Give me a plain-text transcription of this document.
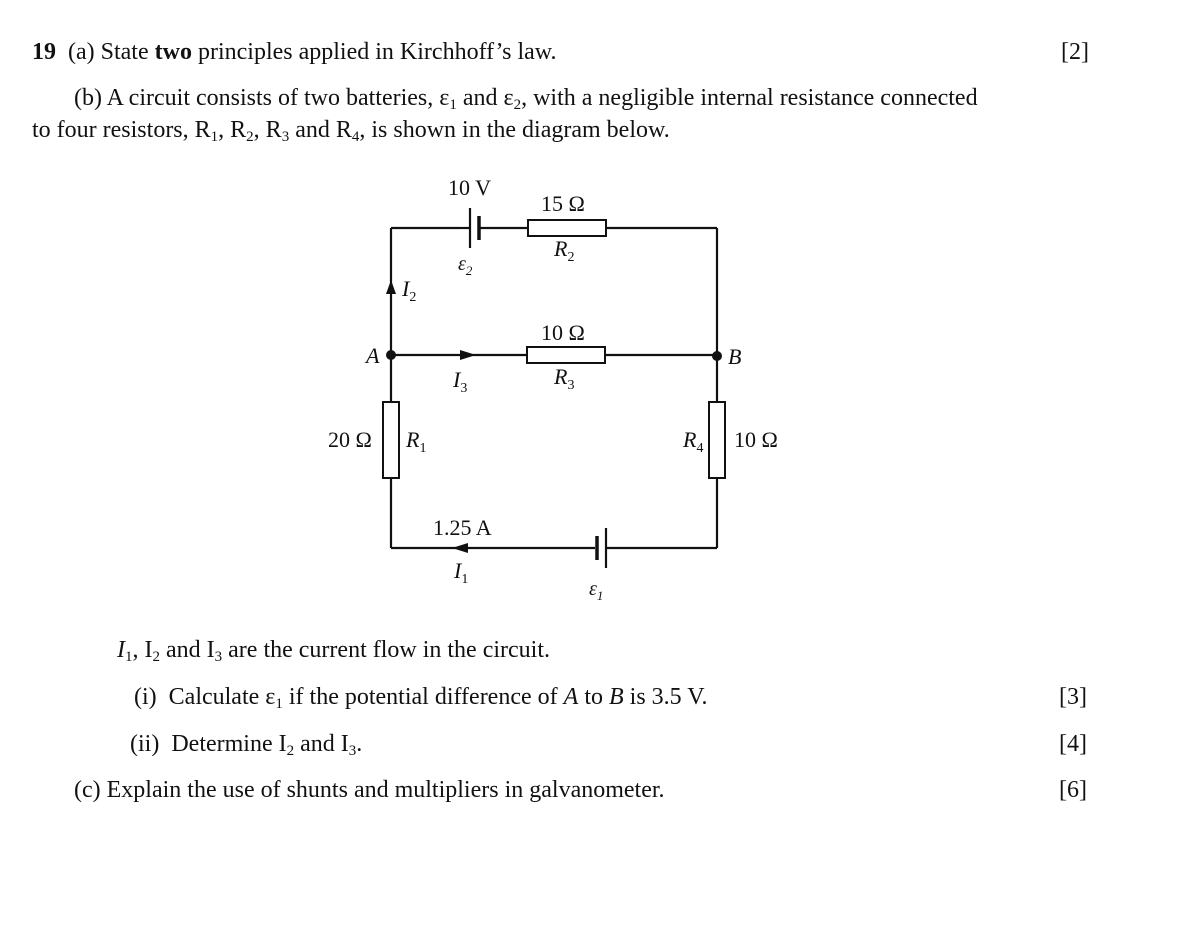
19 (a) State two principles applied in Kirchhoff’s law.	[2]
(b) A circuit consists of two batteries, $\varepsilon_1$ and $\varepsilon_2$, with a negligible internal resistance connected
to four resistors, $R_1$, $R_2$, $R_3$ and $R_4$, is shown in the diagram below.
10 V
$\varepsilon_2$
15 Ω
$R_2$
10 Ω
$R_3$
20 Ω $R_1$	$R_4$ 10 Ω
A	B
$I_2$
$I_3$
1.25 A
$I_1$	$\varepsilon_1$
$I_1$, $I_2$ and $I_3$ are the current flow in the circuit.
(i) Calculate $\varepsilon_1$ if the potential difference of A to B is 3.5 V.	[3]
(ii) Determine $I_2$ and $I_3$.	[4]
(c) Explain the use of shunts and multipliers in galvanometer.	[6]
